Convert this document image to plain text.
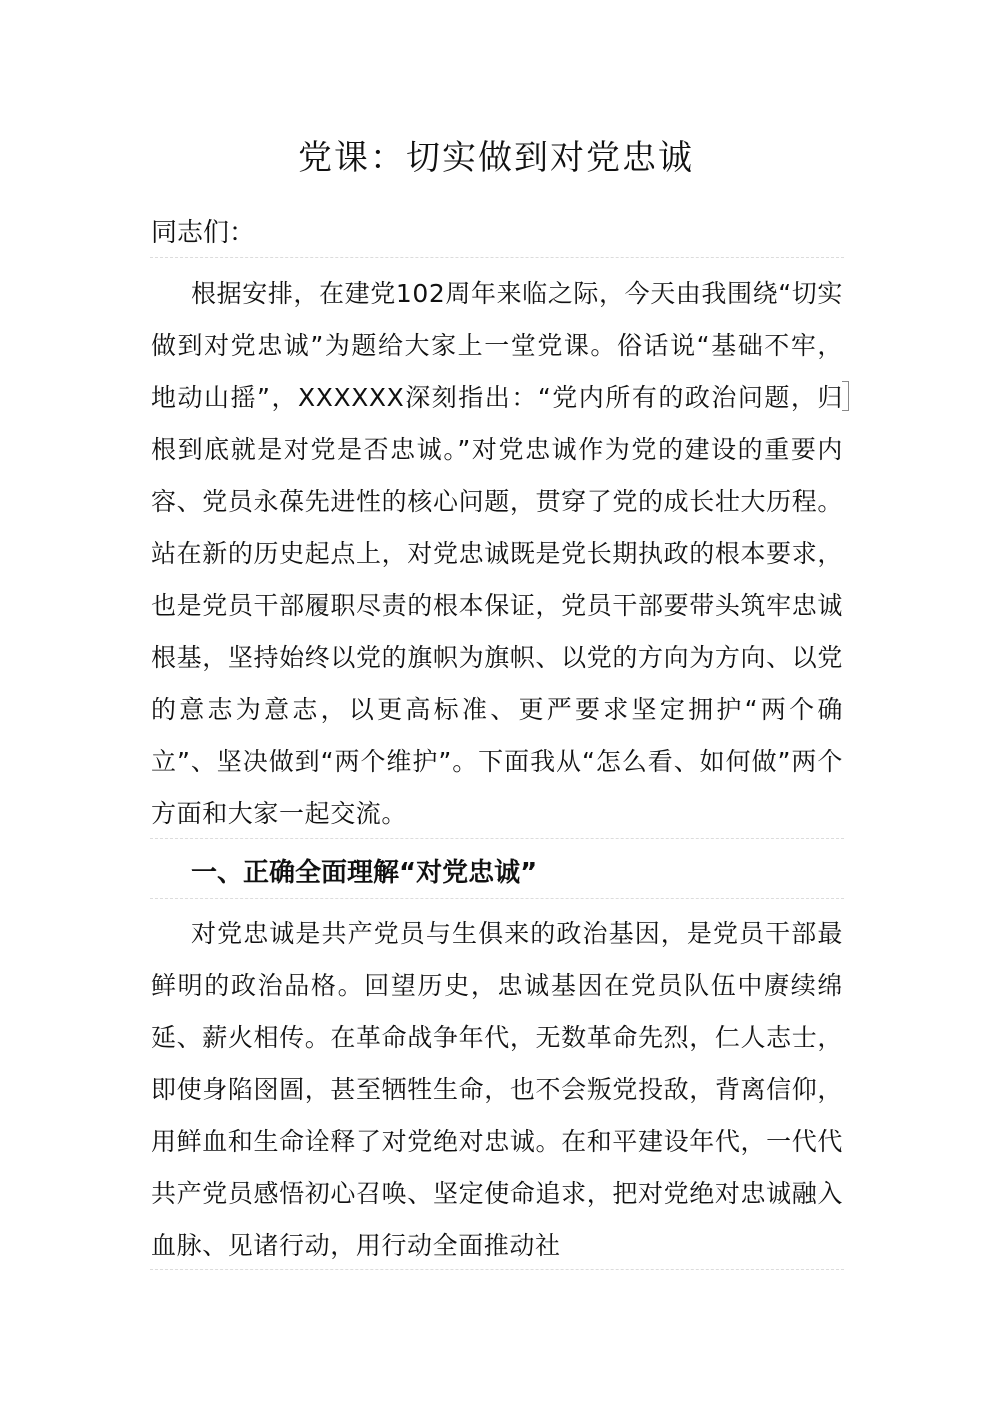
党课：切实做到对党忠诚
同志们：
根据安排，在建党102周年来临之际，今天由我围绕“切实做到对党忠诚”为题给大家上一堂党课。俗话说“基础不牢，地动山摇”，XXXXXX深刻指出：“党内所有的政治问题，归根到底就是对党是否忠诚。”对党忠诚作为党的建设的重要内容、党员永葆先进性的核心问题，贯穿了党的成长壮大历程。站在新的历史起点上，对党忠诚既是党长期执政的根本要求，也是党员干部履职尽责的根本保证，党员干部要带头筑牢忠诚根基，坚持始终以党的旗帜为旗帜、以党的方向为方向、以党的意志为意志，以更高标准、更严要求坚定拥护“两个确立”、坚决做到“两个维护”。下面我从“怎么看、如何做”两个方面和大家一起交流。
一、正确全面理解“对党忠诚”
对党忠诚是共产党员与生俱来的政治基因，是党员干部最鲜明的政治品格。回望历史，忠诚基因在党员队伍中赓续绵延、薪火相传。在革命战争年代，无数革命先烈，仁人志士，即使身陷囹圄，甚至牺牲生命，也不会叛党投敌，背离信仰，用鲜血和生命诠释了对党绝对忠诚。在和平建设年代，一代代共产党员感悟初心召唤、坚定使命追求，把对党绝对忠诚融入血脉、见诸行动，用行动全面推动社
